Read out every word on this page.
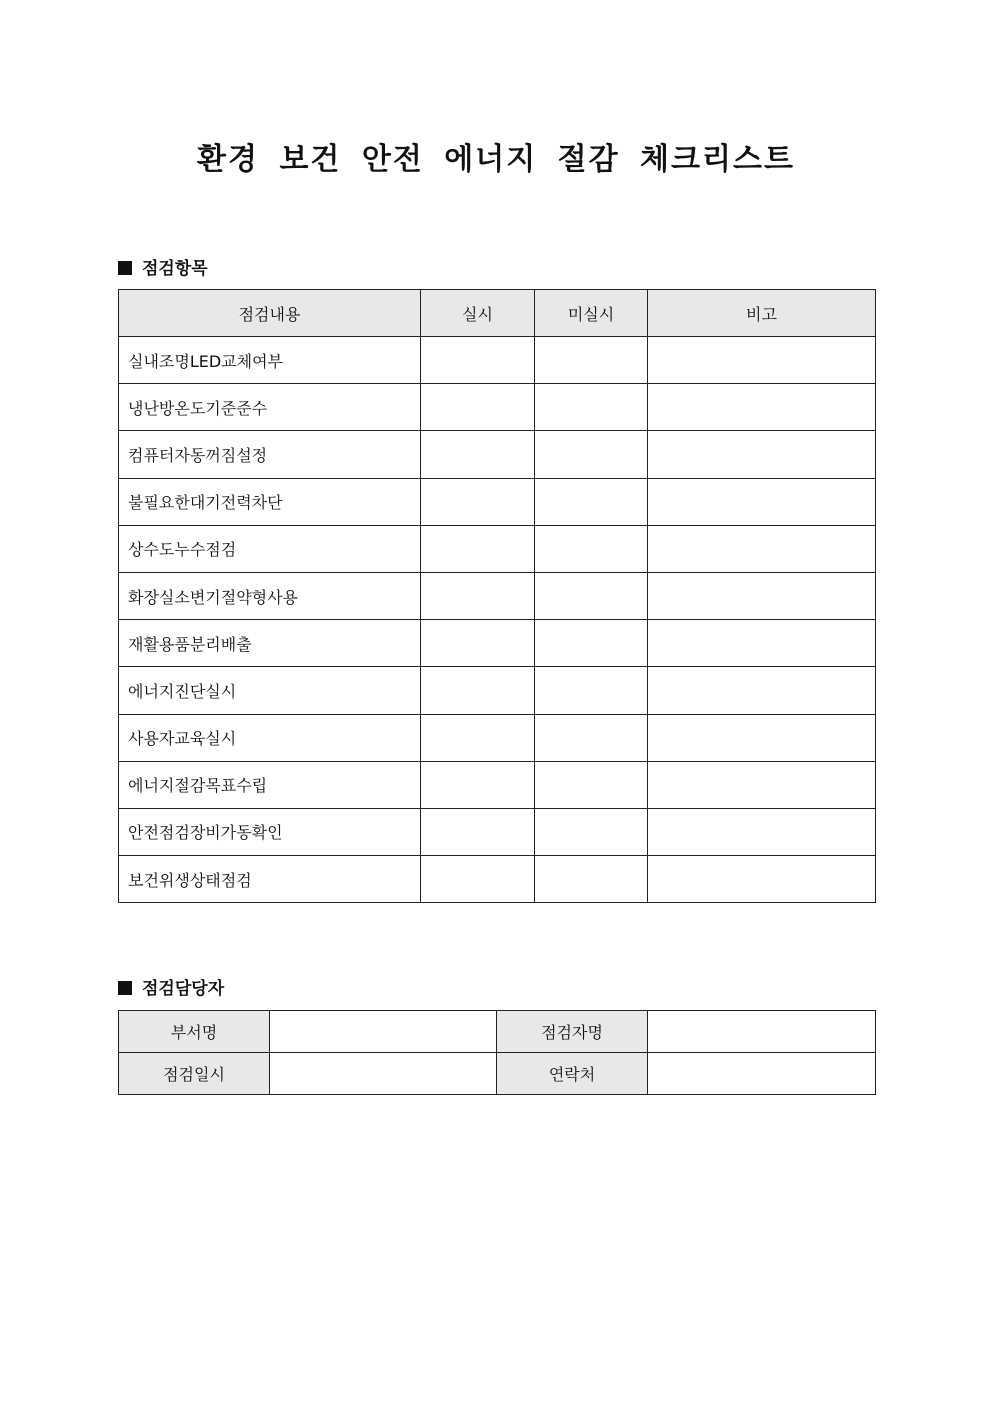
환경 보건 안전 에너지 절감 체크리스트
점검항목
점검내용	실시	미실시	비고
실내조명LED교체여부			
냉난방온도기준준수			
컴퓨터자동꺼짐설정			
불필요한대기전력차단			
상수도누수점검			
화장실소변기절약형사용			
재활용품분리배출			
에너지진단실시			
사용자교육실시			
에너지절감목표수립			
안전점검장비가동확인			
보건위생상태점검			
점검담당자
부서명		점검자명	
점검일시		연락처	
